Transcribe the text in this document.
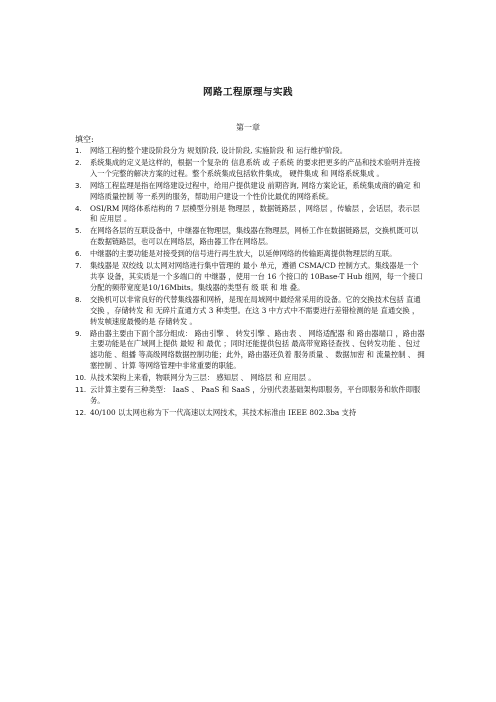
网路工程原理与实践
第一章
填空:
1. 网络工程的整个建设阶段分为 规划阶段, 设计阶段, 实施阶段 和 运行维护阶段。
2. 系统集成的定义是这样的，根据一个复杂的 信息系统 或 子系统 的要求把更多的产品和技术验明并连接入一个完整的解决方案的过程。整个系统集成包括软件集成， 硬件集成 和 网络系统集成 。
3. 网络工程监理是指在网络建设过程中，给用户提供建设 前期咨询, 网络方案论证，系统集成商的确定 和 网络质量控制 等一系列的服务，帮助用户建设一个性价比最优的网络系统。
4. OSI/RM 网络体系结构的 7 层模型分别是 物理层 ，数据链路层 ，网络层 ，传输层 ，会话层，表示层 和 应用层 。
5. 在网络各层的互联设备中，中继器在物理层，集线器在物理层，网桥工作在数据链路层，交换机既可以在数据链路层，也可以在网络层，路由器工作在网络层。
6. 中继器的主要功能是对接受到的信号进行再生放大，以延伸网络的传输距离提供物理层的互联。
7. 集线器是 双绞线 以太网对网络进行集中管理的 最小 单元，遵循 CSMA/CD 控制方式。集线器是一个 共享 设备，其实质是一个多端口的 中继器 ，使用一台 16 个接口的 10Base-T Hub 组网，每一个接口分配的频带宽度是10/16Mbits。集线器的类型有 级 联 和 堆 叠。
8. 交换机可以非常良好的代替集线器和网桥，是现在局域网中最经常采用的设备。它的交换技术包括 直通交换 ，存储转发 和 无碎片直通方式 3 种类型。在这 3 中方式中不需要进行差错检测的是 直通交换 ，转发帧速度最慢的是 存储转发 。
9. 路由器主要由下面个部分组成： 路由引擎 、 转发引擎 、路由表 、 网络适配器 和 路由器端口 ，路由器主要功能是在广域网上提供 最短 和 最优 ；同时还能提供包括 最高带宽路径查找 、包转发功能 、包过滤功能 、组播 等高级网络数据控制功能；此外，路由器还负着 服务质量 、 数据加密 和 流量控制 、 拥塞控制 、计算 等网络管理中非常重要的职能。
10. 从技术架构上来看，物联网分为三层： 感知层 、 网络层 和 应用层 。
11. 云计算主要有三种类型： IaaS 、 PaaS 和 SaaS ，分别代表基础架构即服务，平台即服务和软件即服务。
12. 40/100 以太网也称为下一代高速以太网技术，其技术标准由 IEEE 802.3ba 支持
